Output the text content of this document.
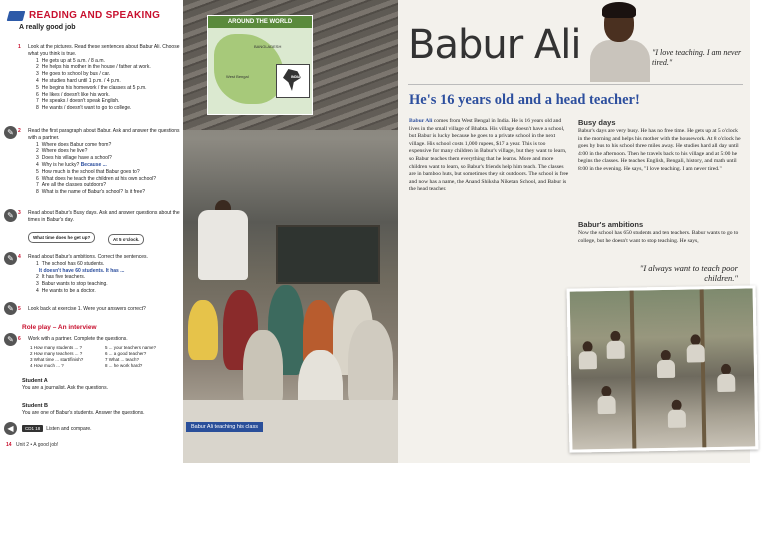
READING AND SPEAKING
A really good job
1 Look at the pictures. Read these sentences about Babur Ali. Choose what you think is true.
1 He gets up at 5 a.m. / 8 a.m.
2 He helps his mother in the house / father at work.
3 He goes to school by bus / car.
4 He studies hard until 1 p.m. / 4 p.m.
5 He begins his homework / the classes at 5 p.m.
6 He likes / doesn't like his work.
7 He speaks / doesn't speak English.
8 He wants / doesn't want to go to college.
✎ 2 Read the first paragraph about Babur. Ask and answer the questions with a partner.
1 Where does Babur come from?
2 Where does he live?
3 Does his village have a school?
4 Why is he lucky? Because ...
5 How much is the school that Babur goes to?
6 What does he teach the children at his own school?
7 Are all the classes outdoors?
8 What is the name of Babur's school? Is it free?
✎ 3 Read about Babur's Busy days. Ask and answer questions about the times in Babur's day.
What time does he get up?	At 5 o'clock.
✎ 4 Read about Babur's ambitions. Correct the sentences.
1 The school has 60 students.
It doesn't have 60 students. It has ...
2 It has five teachers.
3 Babur wants to stop teaching.
4 He wants to be a doctor.
✎ 5 Look back at exercise 1. Were your answers correct?
Role play – An interview
✎ 6 Work with a partner. Complete the questions.
1 How many students ... ?	5 ... your teachers name?
2 How many teachers ... ?	6 ... a good teacher?
3 What time ... start/finish?	7 What ... teach?
4 How much ... ?	8 ... he work hard?
Student A
You are a journalist. Ask the questions.
Student B
You are one of Babur's students. Answer the questions.
◀	CD1 18	Listen and compare.
14 Unit 2 • A good job!
Babur Ali teaching his class
AROUND THE WORLD
BANGLADESH
West Bengal	INDIA
Babur Ali	"I love teaching. I am never tired."
He's 16 years old and a head teacher!
Babur Ali comes from West Bengal in India. He is 16 years old and lives in the small village of Bhabta. His village doesn't have a school, but Babur is lucky because he goes to a private school in the next village. His school costs 1,000 rupees, $17 a year. This is too expensive for many children in Babur's village, but they want to learn, so Babur teaches them everything that he learns. More and more children want to learn, so Babur's friends help him teach. The classes are in bamboo huts, but sometimes they sit outdoors. The school is free and now has a name, the Anand Shiksha Niketan School, and Babur is the head teacher.
Busy days
Babur's days are very busy. He has no free time. He gets up at 5 o'clock in the morning and helps his mother with the housework. At 8 o'clock he goes by bus to his school three miles away. He studies hard all day until 4:00 in the afternoon. Then he travels back to his village and at 5:00 he begins the classes. He teaches English, Bengali, history, and math until 8:00 in the evening. He says, "I love teaching. I am never tired."
Babur's ambitions
Now the school has 650 students and ten teachers. Babur wants to go to college, but he doesn't want to stop teaching. He says,
"I always want to teach poor children."
